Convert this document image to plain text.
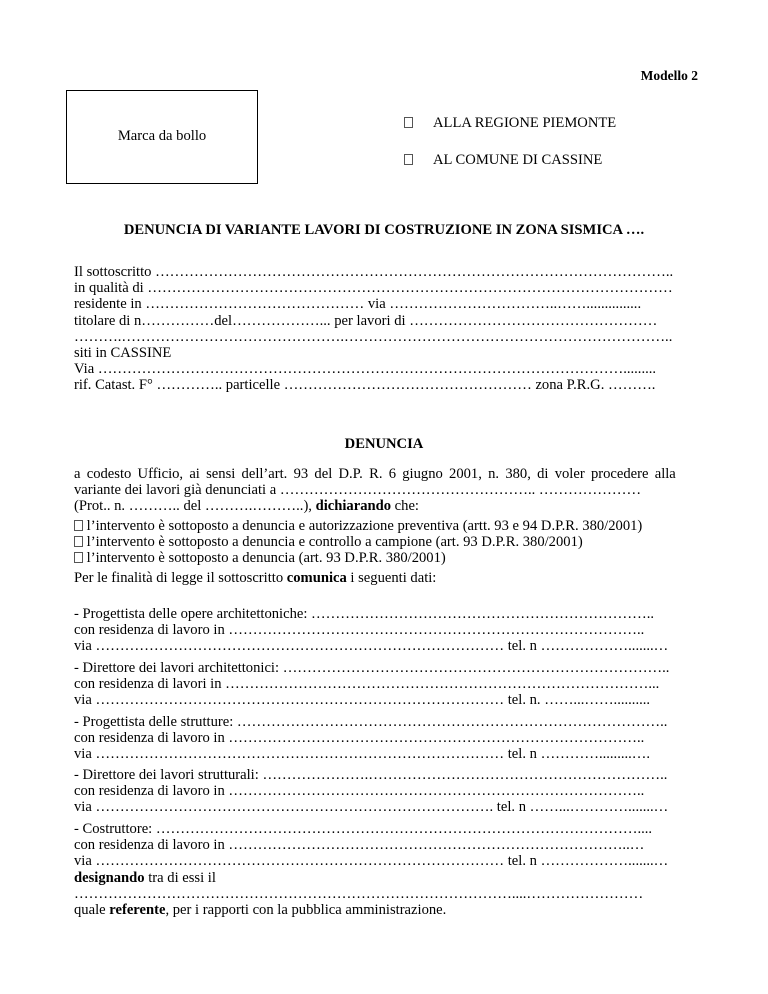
Modello 2
Marca da bollo
ALLA REGIONE PIEMONTE
AL COMUNE DI CASSINE
DENUNCIA DI VARIANTE LAVORI DI COSTRUZIONE IN ZONA SISMICA ….
Il sottoscritto ……………………………………………………………………………………………..
in qualità di ………………………………………………………………………………………………
residente in ……………………………………… via ……………………………..……...............
titolare di n……………del………………... per lavori di ……………………………………………
……….……………………………………….…………………………………………………………..
siti in CASSINE
Via ……………………………………………………………………………………………….........
rif. Catast. F° ………….. particelle …………………………………………… zona P.R.G. ……….
DENUNCIA
a codesto Ufficio, ai sensi dell’art. 93 del D.P. R. 6 giugno 2001, n. 380, di voler procedere alla
variante dei lavori già denunciati a …………………………………………….. …………………
(Prot.. n. ……….. del ……….………..), dichiarando che:
l’intervento è sottoposto a denuncia e autorizzazione preventiva (artt. 93 e 94 D.P.R. 380/2001)
l’intervento è sottoposto a denuncia e controllo a campione (art. 93 D.P.R. 380/2001)
l’intervento è sottoposto a denuncia (art. 93 D.P.R. 380/2001)
Per le finalità di legge il sottoscritto comunica i seguenti dati:
- Progettista delle opere architettoniche: ……………………………………………………………..
con residenza di lavoro in …………………………………………………………………………..
via ………………………………………………………………………… tel. n ……………….......…
- Direttore dei lavori architettonici: ……………………………………………………………………..
con residenza di lavori in ……………………………………………………………………………...
via ………………………………………………………………………… tel. n. ……...……..........
- Progettista delle strutture: ……………………………………………………………………………..
con residenza di lavoro in …………………………………………………………………………..
via ………………………………………………………………………… tel. n ………….........….
- Direttore dei lavori strutturali: ………………….……………………………………………………..
con residenza di lavoro in …………………………………………………………………………..
via ………………………………………………………………………. tel. n ……...………….......…
- Costruttore: ………………………………………………………………………………………....
con residenza di lavoro in ………………………………………………………………………..…
via ………………………………………………………………………… tel. n ……………….......…
designando tra di essi il
………………………………………………………………………………....……………………
quale referente, per i rapporti con la pubblica amministrazione.
